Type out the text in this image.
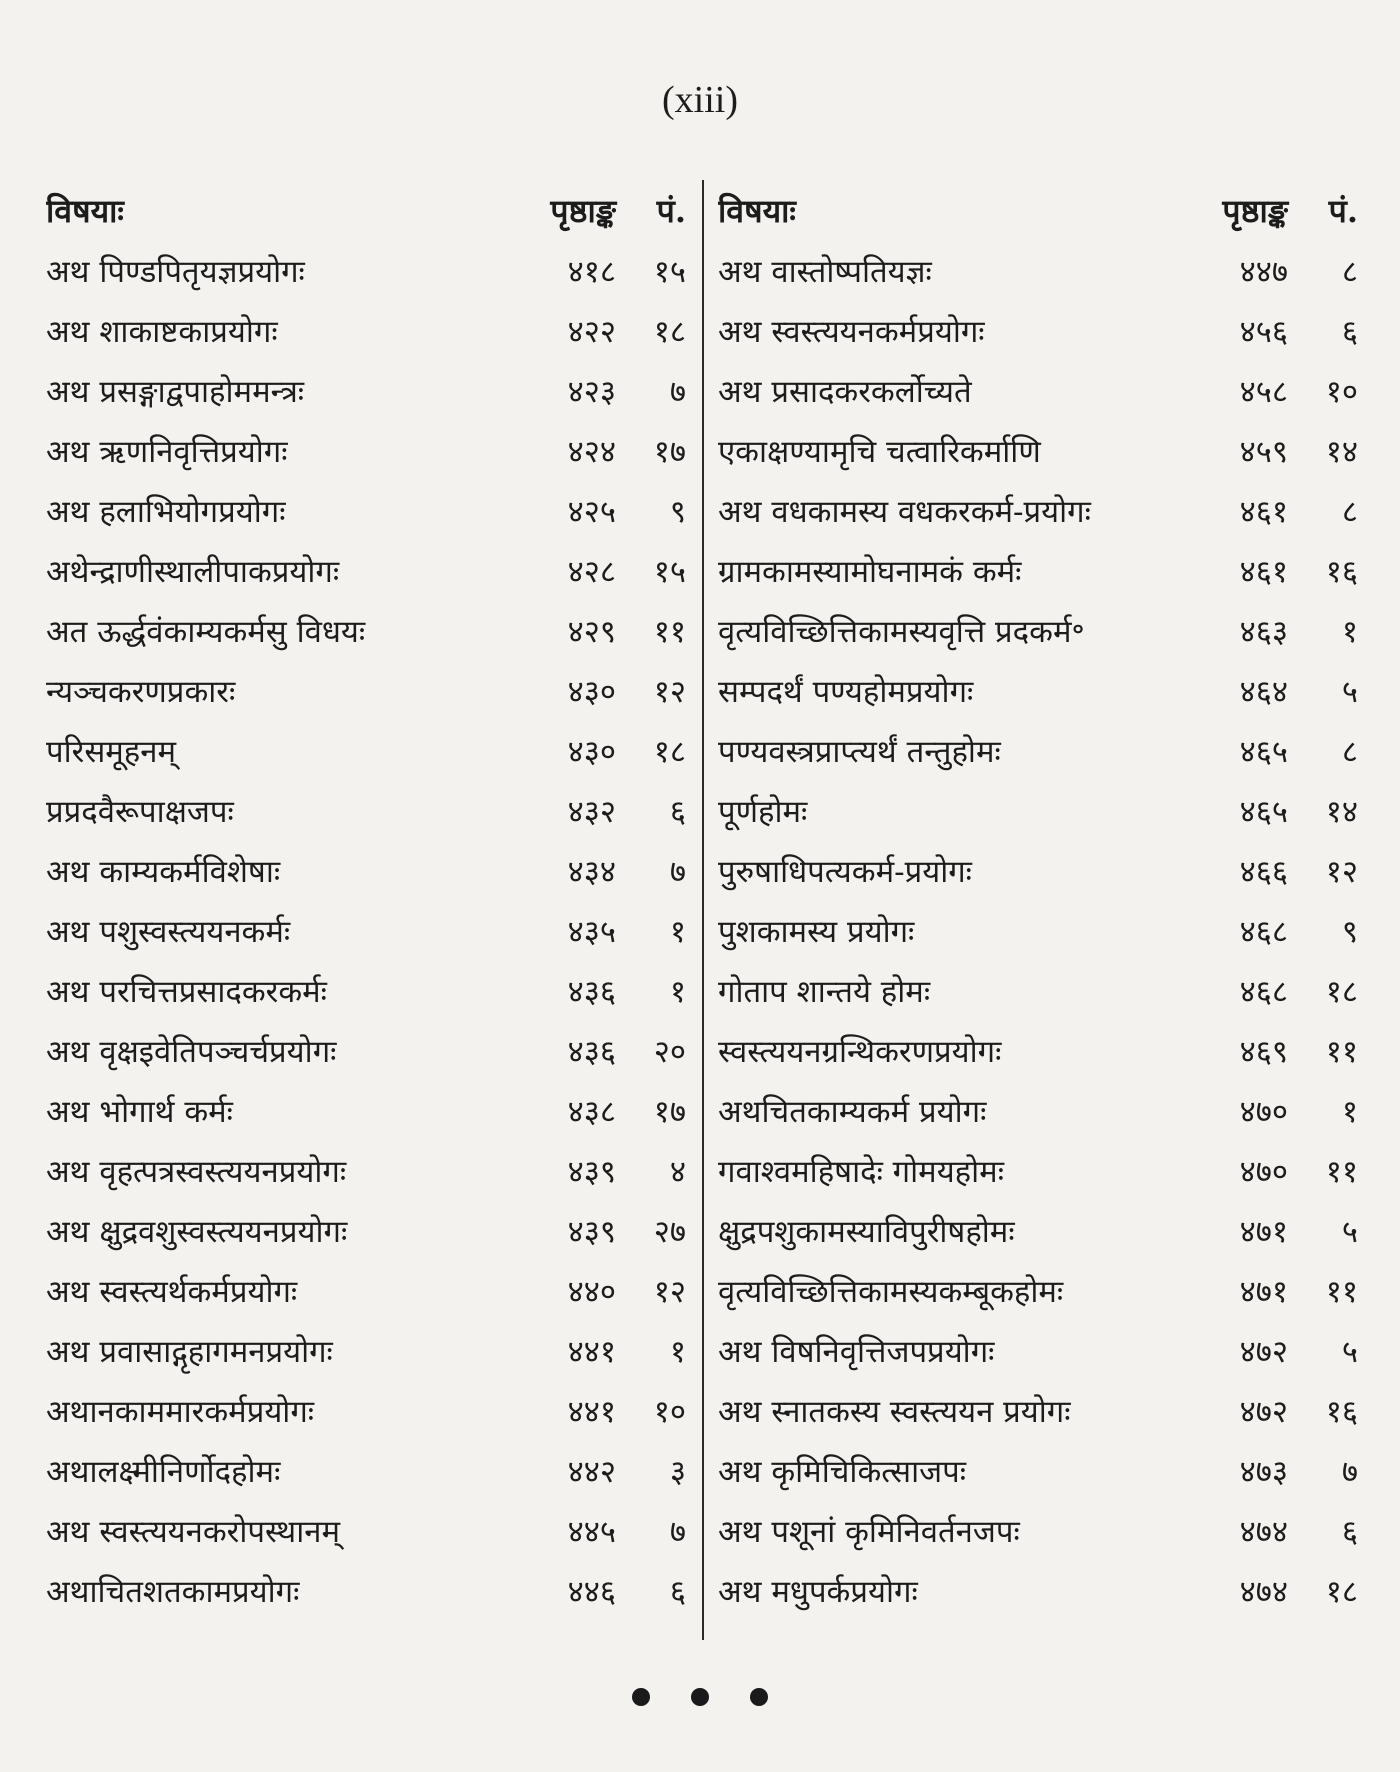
(xiii)
विषयाः	पृष्ठाङ्क	पं.
अथ पिण्डपितृयज्ञप्रयोगः	४१८	१५
अथ शाकाष्टकाप्रयोगः	४२२	१८
अथ प्रसङ्गाद्वपाहोममन्त्रः	४२३	७
अथ ऋणनिवृत्तिप्रयोगः	४२४	१७
अथ हलाभियोगप्रयोगः	४२५	९
अथेन्द्राणीस्थालीपाकप्रयोगः	४२८	१५
अत ऊर्द्धवंकाम्यकर्मसु विधयः	४२९	११
न्यञ्चकरणप्रकारः	४३०	१२
परिसमूहनम्	४३०	१८
प्रप्रदवैरूपाक्षजपः	४३२	६
अथ काम्यकर्मविशेषाः	४३४	७
अथ पशुस्वस्त्ययनकर्मः	४३५	१
अथ परचित्तप्रसादकरकर्मः	४३६	१
अथ वृक्षइवेतिपञ्चर्चप्रयोगः	४३६	२०
अथ भोगार्थ कर्मः	४३८	१७
अथ वृहत्पत्रस्वस्त्ययनप्रयोगः	४३९	४
अथ क्षुद्रवशुस्वस्त्ययनप्रयोगः	४३९	२७
अथ स्वस्त्यर्थकर्मप्रयोगः	४४०	१२
अथ प्रवासाद्गृहागमनप्रयोगः	४४१	१
अथानकाममारकर्मप्रयोगः	४४१	१०
अथालक्ष्मीनिर्णोदहोमः	४४२	३
अथ स्वस्त्ययनकरोपस्थानम्	४४५	७
अथाचितशतकामप्रयोगः	४४६	६
विषयाः	पृष्ठाङ्क	पं.
अथ वास्तोष्पतियज्ञः	४४७	८
अथ स्वस्त्ययनकर्मप्रयोगः	४५६	६
अथ प्रसादकरकर्लोच्यते	४५८	१०
एकाक्षण्यामृचि चत्वारिकर्माणि	४५९	१४
अथ वधकामस्य वधकरकर्म-प्रयोगः	४६१	८
ग्रामकामस्यामोघनामकं कर्मः	४६१	१६
वृत्यविच्छित्तिकामस्यवृत्ति प्रदकर्म॰	४६३	१
सम्पदर्थं पण्यहोमप्रयोगः	४६४	५
पण्यवस्त्रप्राप्त्यर्थं तन्तुहोमः	४६५	८
पूर्णहोमः	४६५	१४
पुरुषाधिपत्यकर्म-प्रयोगः	४६६	१२
पुशकामस्य प्रयोगः	४६८	९
गोताप शान्तये होमः	४६८	१८
स्वस्त्ययनग्रन्थिकरणप्रयोगः	४६९	११
अथचितकाम्यकर्म प्रयोगः	४७०	१
गवाश्वमहिषादेः गोमयहोमः	४७०	११
क्षुद्रपशुकामस्याविपुरीषहोमः	४७१	५
वृत्यविच्छित्तिकामस्यकम्बूकहोमः	४७१	११
अथ विषनिवृत्तिजपप्रयोगः	४७२	५
अथ स्नातकस्य स्वस्त्ययन प्रयोगः	४७२	१६
अथ कृमिचिकित्साजपः	४७३	७
अथ पशूनां कृमिनिवर्तनजपः	४७४	६
अथ मधुपर्कप्रयोगः	४७४	१८
